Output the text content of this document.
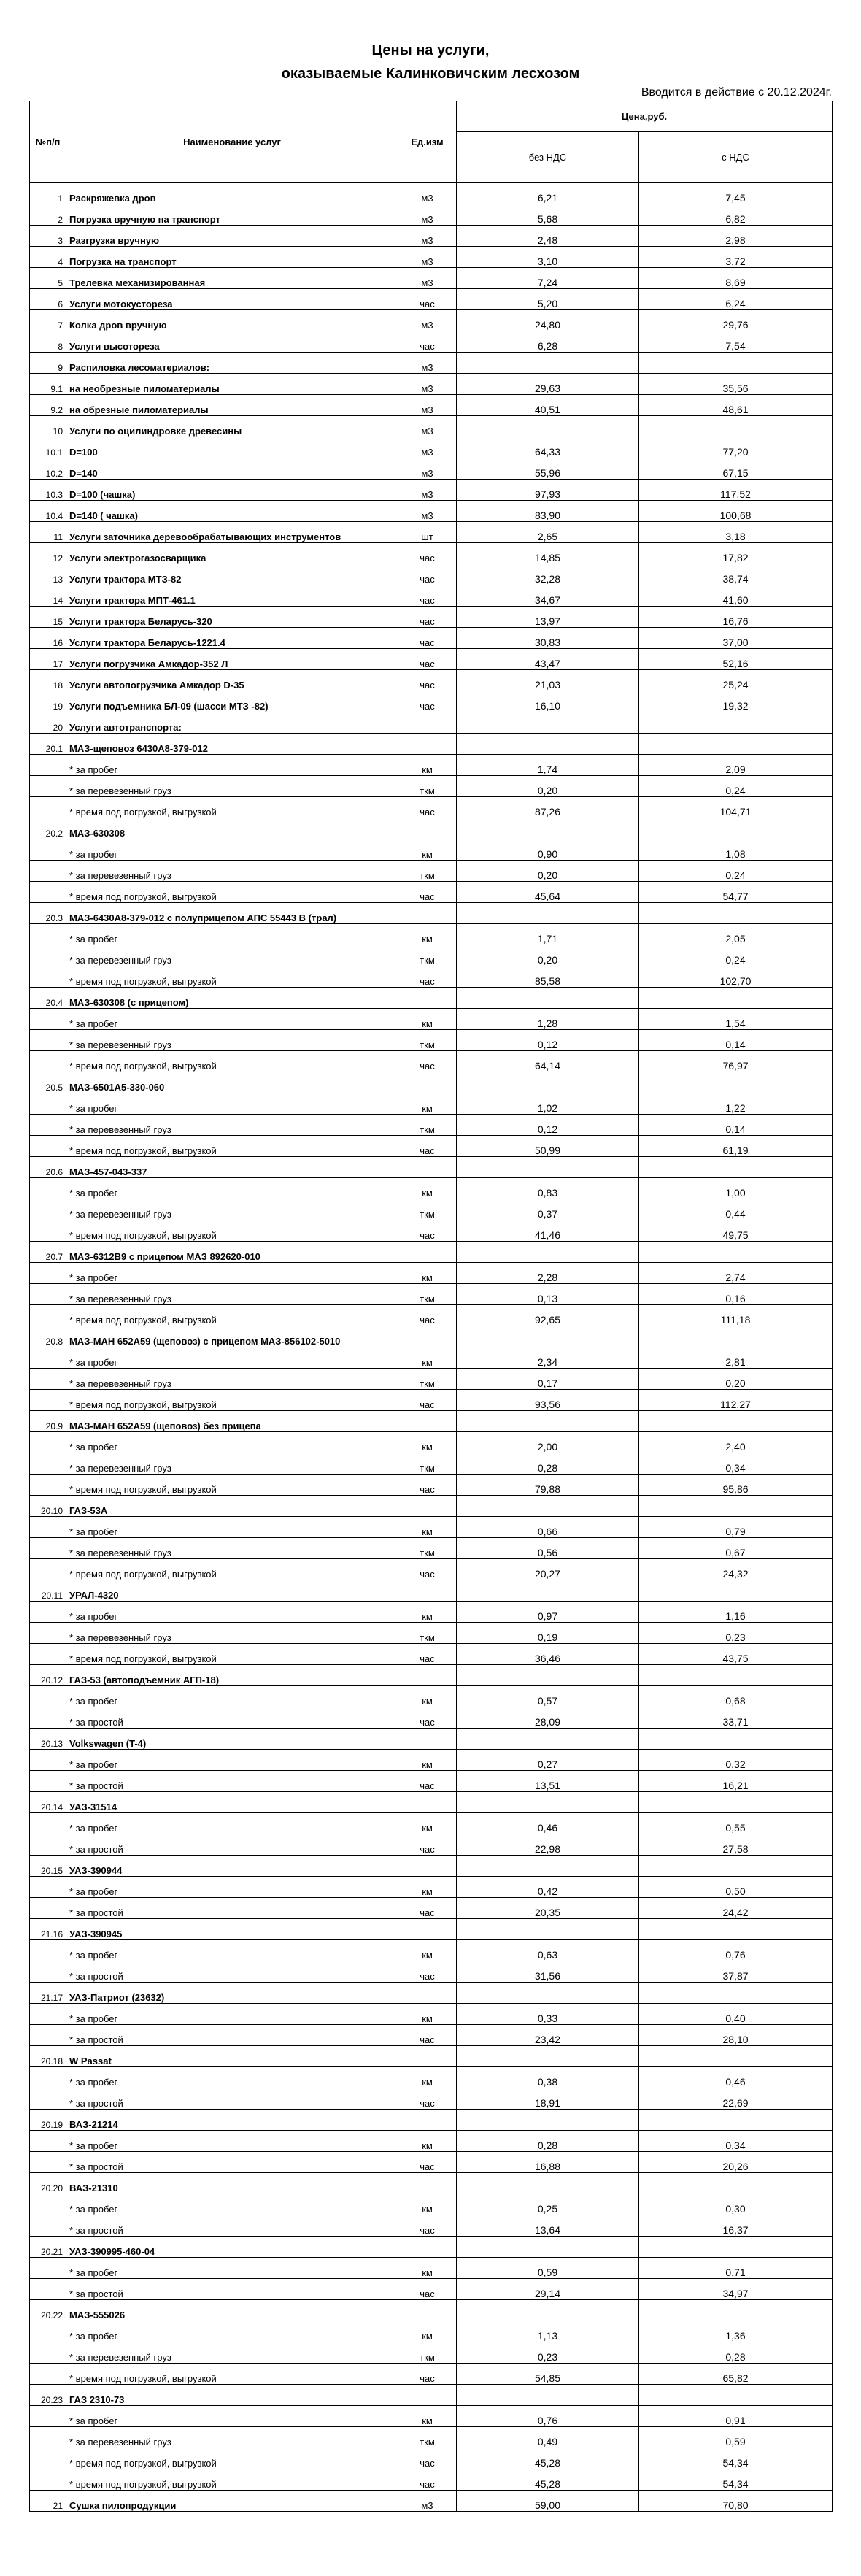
Цены на услуги,
оказываемые Калинковичским лесхозом
Вводится в действие с 20.12.2024г.
№п/п	Наименование услуг	Ед.изм	Цена,руб.	
			без НДС	с НДС
1	Раскряжевка дров	м3	6,21	7,45
2	Погрузка вручную на транспорт	м3	5,68	6,82
3	Разгрузка вручную	м3	2,48	2,98
4	Погрузка на транспорт	м3	3,10	3,72
5	Трелевка механизированная	м3	7,24	8,69
6	Услуги мотокустореза	час	5,20	6,24
7	Колка дров вручную	м3	24,80	29,76
8	Услуги высотореза	час	6,28	7,54
9	Распиловка лесоматериалов:	м3		
9.1	на необрезные пиломатериалы	м3	29,63	35,56
9.2	на обрезные пиломатериалы	м3	40,51	48,61
10	Услуги по оцилиндровке древесины	м3		
10.1	D=100	м3	64,33	77,20
10.2	D=140	м3	55,96	67,15
10.3	D=100 (чашка)	м3	97,93	117,52
10.4	D=140 ( чашка)	м3	83,90	100,68
11	Услуги заточника деревообрабатывающих инструментов	шт	2,65	3,18
12	Услуги электрогазосварщика	час	14,85	17,82
13	Услуги трактора МТЗ-82	час	32,28	38,74
14	Услуги трактора МПТ-461.1	час	34,67	41,60
15	Услуги трактора Беларусь-320	час	13,97	16,76
16	Услуги трактора Беларусь-1221.4	час	30,83	37,00
17	Услуги погрузчика Амкадор-352 Л	час	43,47	52,16
18	Услуги автопогрузчика Амкадор D-35	час	21,03	25,24
19	Услуги подъемника БЛ-09 (шасси МТЗ -82)	час	16,10	19,32
20	Услуги автотранспорта:			
20.1	МАЗ-щеповоз 6430А8-379-012			
	* за пробег	км	1,74	2,09
	* за перевезенный груз	ткм	0,20	0,24
	* время под погрузкой, выгрузкой	час	87,26	104,71
20.2	МАЗ-630308			
	* за пробег	км	0,90	1,08
	* за перевезенный груз	ткм	0,20	0,24
	* время под погрузкой, выгрузкой	час	45,64	54,77
20.3	МАЗ-6430А8-379-012 с полуприцепом АПС 55443 В (трал)			
	* за пробег	км	1,71	2,05
	* за перевезенный груз	ткм	0,20	0,24
	* время под погрузкой, выгрузкой	час	85,58	102,70
20.4	МАЗ-630308 (с прицепом)			
	* за пробег	км	1,28	1,54
	* за перевезенный груз	ткм	0,12	0,14
	* время под погрузкой, выгрузкой	час	64,14	76,97
20.5	МАЗ-6501А5-330-060			
	* за пробег	км	1,02	1,22
	* за перевезенный груз	ткм	0,12	0,14
	* время под погрузкой, выгрузкой	час	50,99	61,19
20.6	МАЗ-457-043-337			
	* за пробег	км	0,83	1,00
	* за перевезенный груз	ткм	0,37	0,44
	* время под погрузкой, выгрузкой	час	41,46	49,75
20.7	МАЗ-6312В9 с прицепом МАЗ 892620-010			
	* за пробег	км	2,28	2,74
	* за перевезенный груз	ткм	0,13	0,16
	* время под погрузкой, выгрузкой	час	92,65	111,18
20.8	МАЗ-МАН 652А59 (щеповоз) с прицепом МАЗ-856102-5010			
	* за пробег	км	2,34	2,81
	* за перевезенный груз	ткм	0,17	0,20
	* время под погрузкой, выгрузкой	час	93,56	112,27
20.9	МАЗ-МАН 652А59 (щеповоз) без прицепа			
	* за пробег	км	2,00	2,40
	* за перевезенный груз	ткм	0,28	0,34
	* время под погрузкой, выгрузкой	час	79,88	95,86
20.10	ГАЗ-53А			
	* за пробег	км	0,66	0,79
	* за перевезенный груз	ткм	0,56	0,67
	* время под погрузкой, выгрузкой	час	20,27	24,32
20.11	УРАЛ-4320			
	* за пробег	км	0,97	1,16
	* за перевезенный груз	ткм	0,19	0,23
	* время под погрузкой, выгрузкой	час	36,46	43,75
20.12	ГАЗ-53 (автоподъемник АГП-18)			
	* за пробег	км	0,57	0,68
	* за простой	час	28,09	33,71
20.13	Volkswagen (T-4)			
	* за пробег	км	0,27	0,32
	* за простой	час	13,51	16,21
20.14	УАЗ-31514			
	* за пробег	км	0,46	0,55
	* за простой	час	22,98	27,58
20.15	УАЗ-390944			
	* за пробег	км	0,42	0,50
	* за простой	час	20,35	24,42
21.16	УАЗ-390945			
	* за пробег	км	0,63	0,76
	* за простой	час	31,56	37,87
21.17	УАЗ-Патриот (23632)			
	* за пробег	км	0,33	0,40
	* за простой	час	23,42	28,10
20.18	W Passat			
	* за пробег	км	0,38	0,46
	* за простой	час	18,91	22,69
20.19	ВАЗ-21214			
	* за пробег	км	0,28	0,34
	* за простой	час	16,88	20,26
20.20	ВАЗ-21310			
	* за пробег	км	0,25	0,30
	* за простой	час	13,64	16,37
20.21	УАЗ-390995-460-04			
	* за пробег	км	0,59	0,71
	* за простой	час	29,14	34,97
20.22	МАЗ-555026			
	* за пробег	км	1,13	1,36
	* за перевезенный груз	ткм	0,23	0,28
	* время под погрузкой, выгрузкой	час	54,85	65,82
20.23	ГАЗ 2310-73			
	* за пробег	км	0,76	0,91
	* за перевезенный груз	ткм	0,49	0,59
	* время под погрузкой, выгрузкой	час	45,28	54,34
	* время под погрузкой, выгрузкой	час	45,28	54,34
21	Сушка пилопродукции	м3	59,00	70,80
